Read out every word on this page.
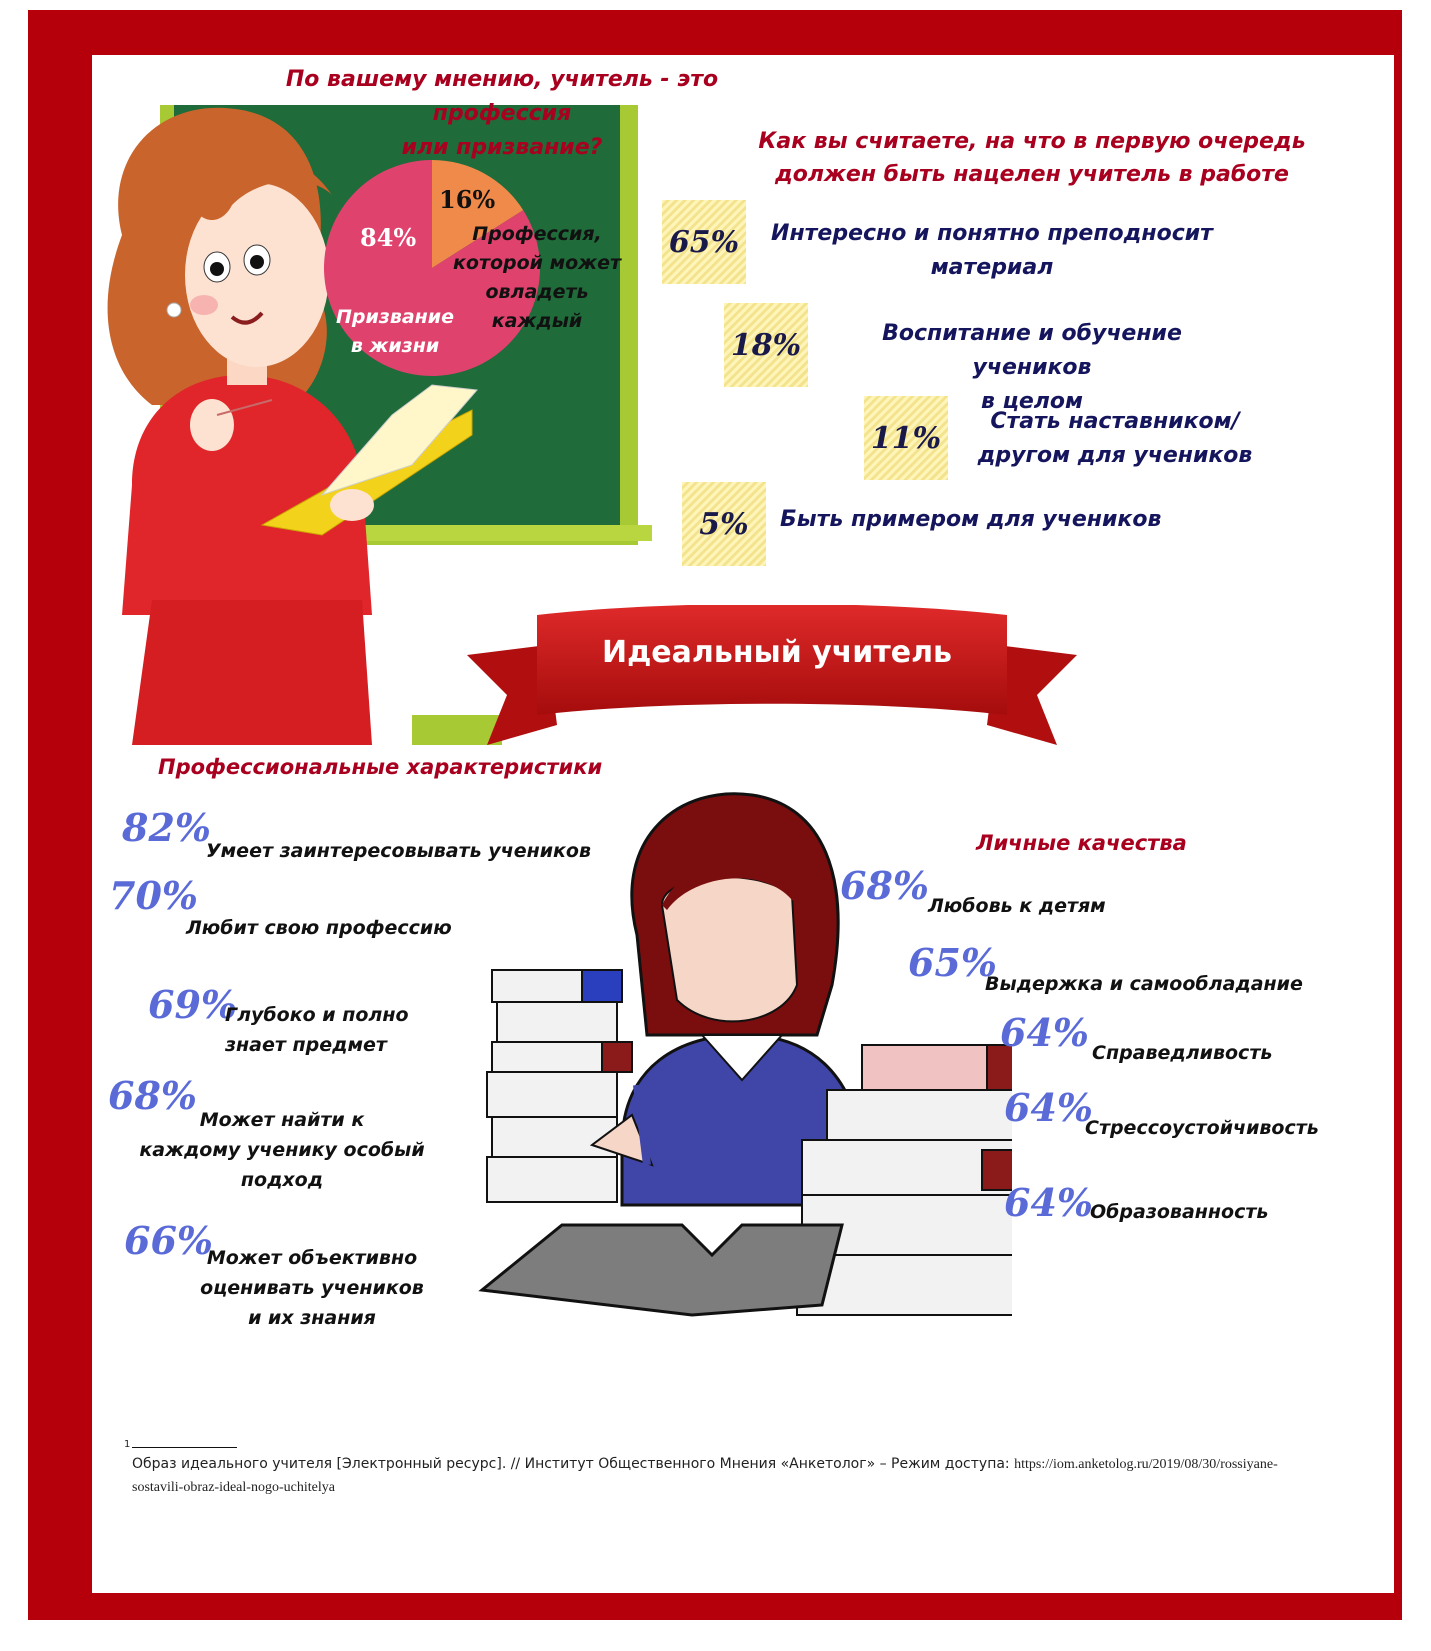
По вашему мнению, учитель - это профессия
или призвание?
16%
84%	Профессия, которой может овладеть каждый
Призвание в жизни
Как вы считаете, на что в первую очередь
должен быть нацелен учитель в работе
65%	Интересно и понятно преподносит
материал
18%	Воспитание и обучение учеников
в целом
11%	Стать наставником/
другом для учеников
5%	Быть примером для учеников
Идеальный учитель
Профессиональные характеристики
82%
Умеет заинтересовывать учеников
70%
Любит свою профессию
69%
Глубоко и полно
знает предмет
68%
Может найти к
каждому ученику особый
подход
66%
Может объективно
оценивать учеников
и их знания
Личные качества
68% Любовь к детям
65%
Выдержка и самообладание
64% Справедливость
64%
Стрессоустойчивость
64%
Образованность
1
Образ идеального учителя [Электронный ресурс]. // Институт Общественного Мнения «Анкетолог» – Режим доступа: https://iom.anketolog.ru/2019/08/30/rossiyane-
sostavili-obraz-ideal-nogo-uchitelya
